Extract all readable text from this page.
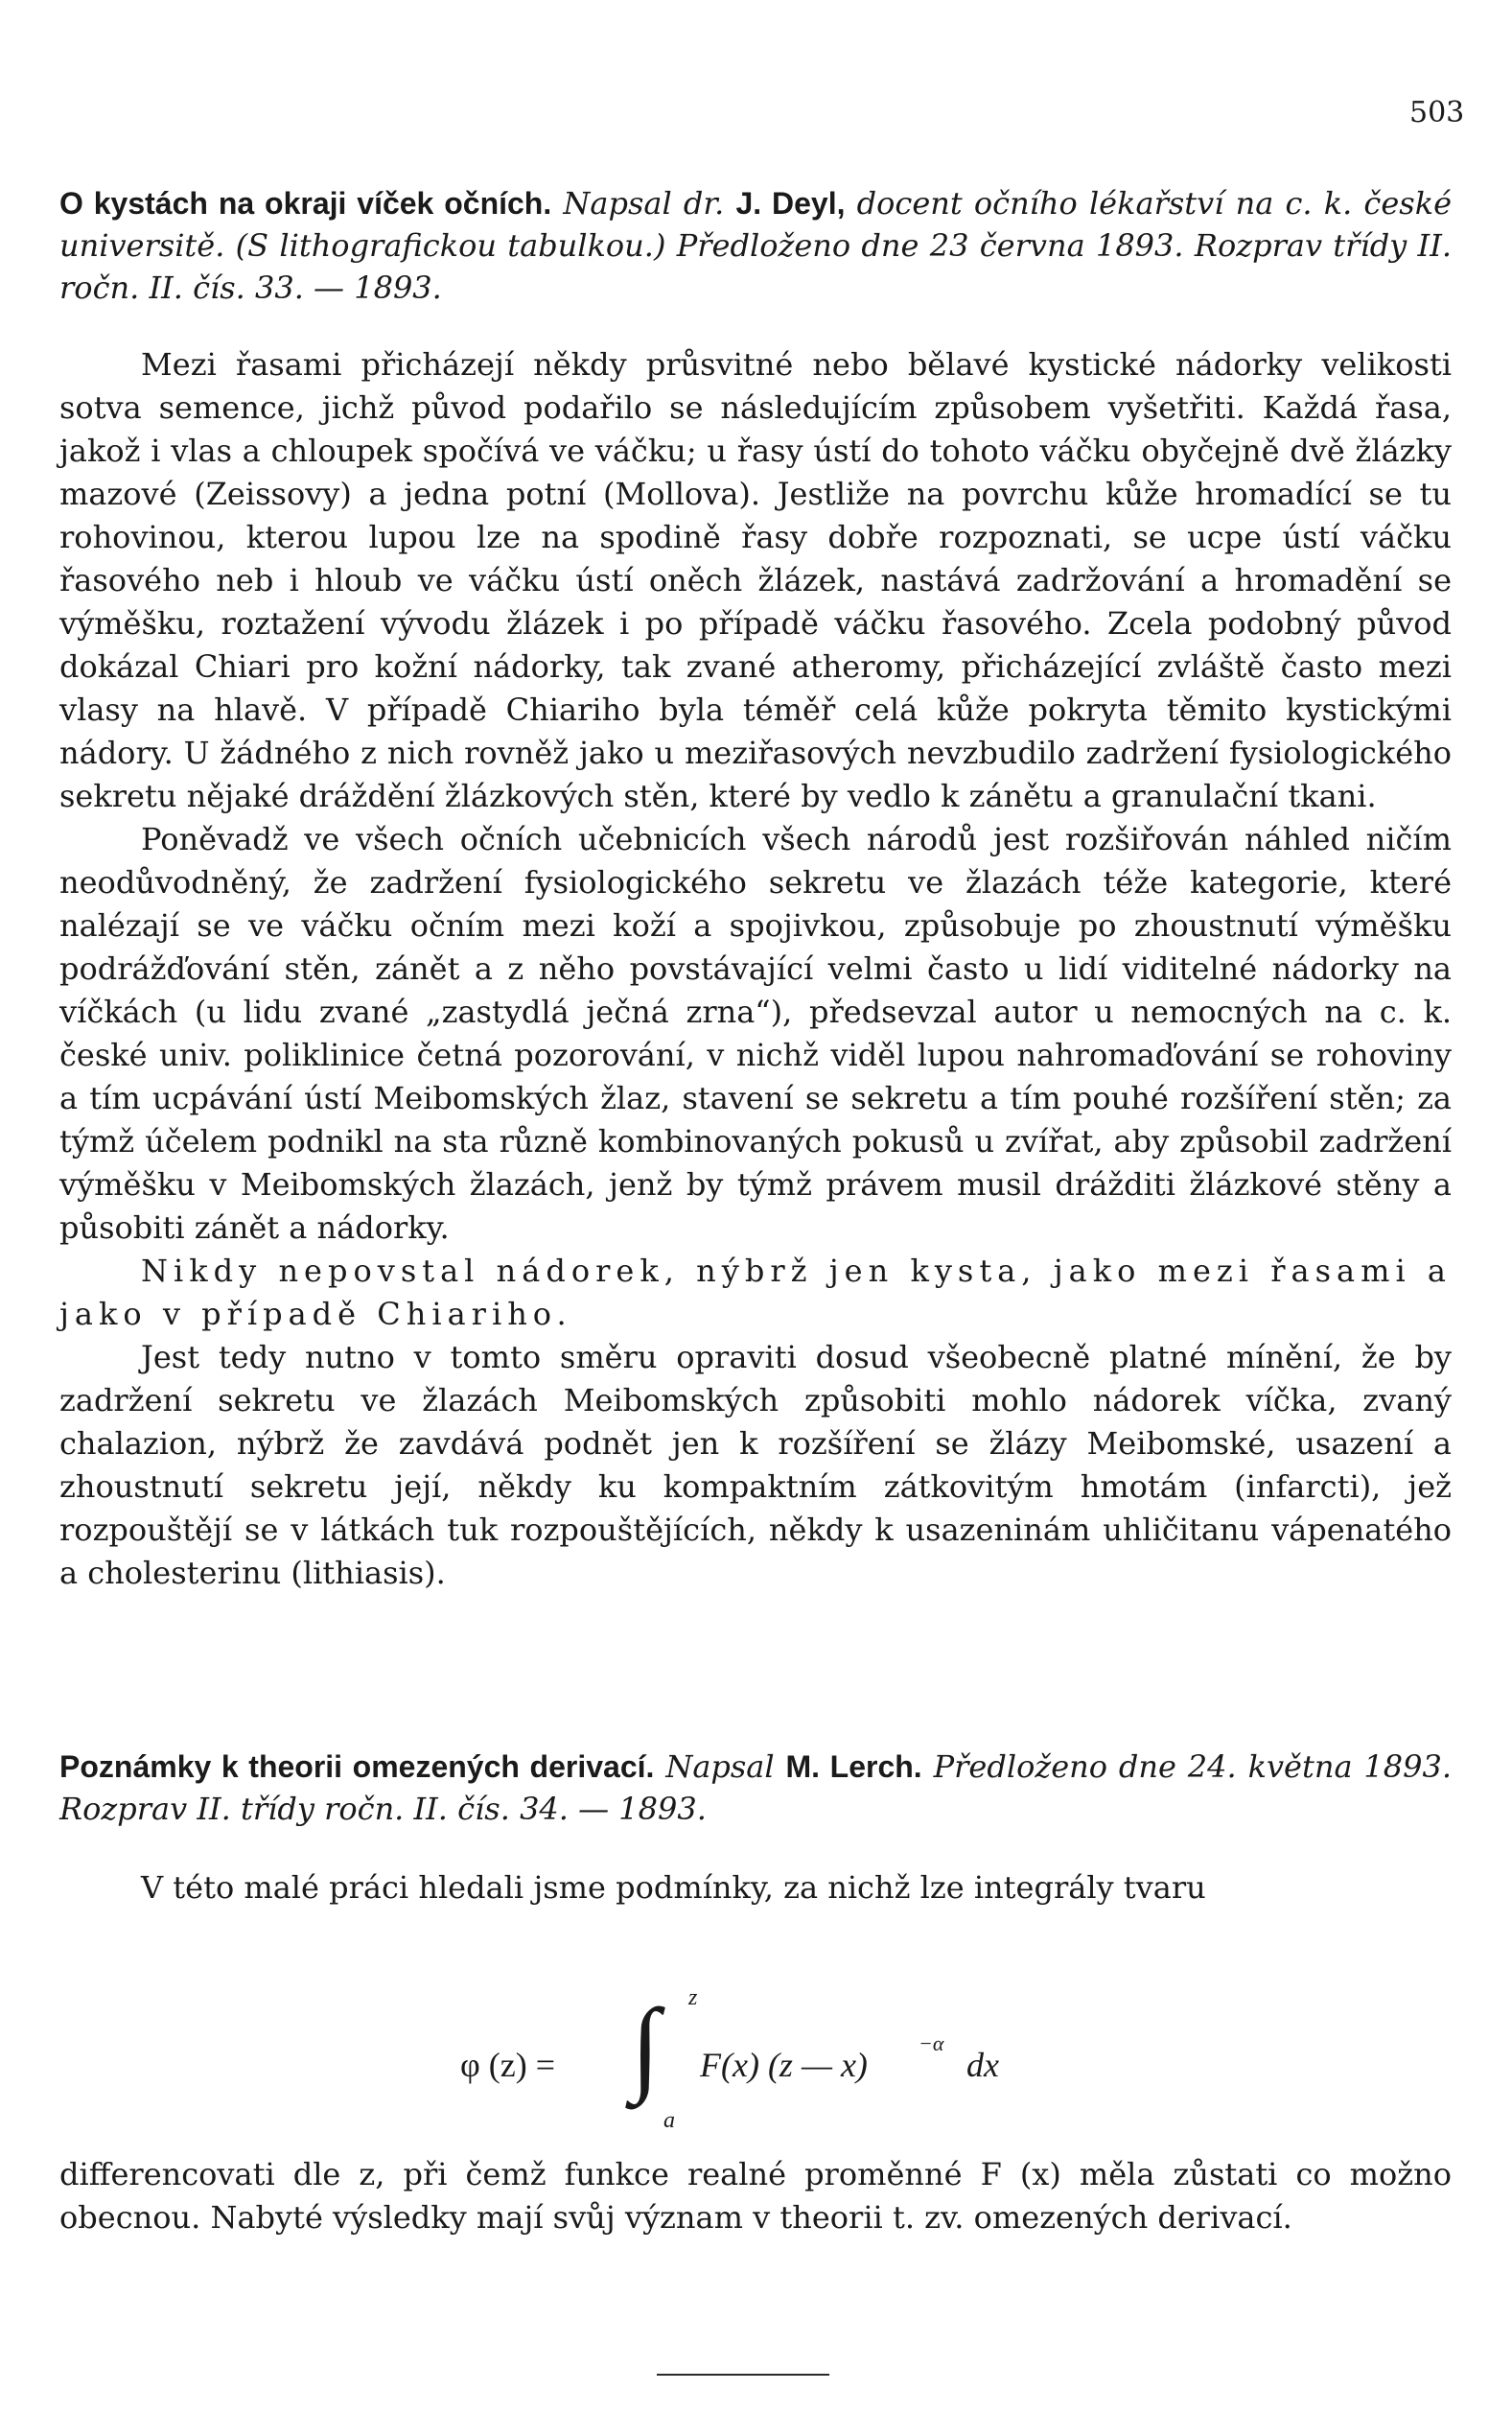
503

O kystách na okraji víček očních. Napsal dr. J. Deyl, docent očního lékařství na c. k. české universitě. (S lithografickou tabulkou.) Předloženo dne 23 června 1893. Rozprav třídy II. ročn. II. čís. 33. — 1893.

Mezi řasami přicházejí někdy průsvitné nebo bělavé kystické nádorky velikosti sotva semence, jichž původ podařilo se následujícím způsobem vyšetřiti. Každá řasa, jakož i vlas a chloupek spočívá ve váčku; u řasy ústí do tohoto váčku obyčejně dvě žlázky mazové (Zeissovy) a jedna potní (Mollova). Jestliže na povrchu kůže hromadící se tu rohovinou, kterou lupou lze na spodině řasy dobře rozpoznati, se ucpe ústí váčku řasového neb i hloub ve váčku ústí oněch žlázek, nastává zadržování a hromadění se výměšku, roztažení vývodu žlázek i po případě váčku řasového. Zcela podobný původ dokázal Chiari pro kožní nádorky, tak zvané atheromy, přicházející zvláště často mezi vlasy na hlavě. V případě Chiariho byla téměř celá kůže pokryta těmito kystickými nádory. U žádného z nich rovněž jako u meziřasových nevzbudilo zadržení fysiologického sekretu nějaké dráždění žlázkových stěn, které by vedlo k zánětu a granulační tkani.

Poněvadž ve všech očních učebnicích všech národů jest rozšiřován náhled ničím neodůvodněný, že zadržení fysiologického sekretu ve žlazách téže kategorie, které nalézají se ve váčku očním mezi koží a spojivkou, způsobuje po zhoustnutí výměšku podrážďování stěn, zánět a z něho povstávající velmi často u lidí viditelné nádorky na víčkách (u lidu zvané „zastydlá ječná zrna“), předsevzal autor u nemocných na c. k. české univ. poliklinice četná pozorování, v nichž viděl lupou nahromaďování se rohoviny a tím ucpávání ústí Meibomských žlaz, stavení se sekretu a tím pouhé rozšíření stěn; za týmž účelem podnikl na sta různě kombinovaných pokusů u zvířat, aby způsobil zadržení výměšku v Meibomských žlazách, jenž by týmž právem musil drážditi žlázkové stěny a působiti zánět a nádorky.

Nikdy nepovstal nádorek, nýbrž jen kysta, jako mezi řasami a jako v případě Chiariho.

Jest tedy nutno v tomto směru opraviti dosud všeobecně platné mínění, že by zadržení sekretu ve žlazách Meibomských způsobiti mohlo nádorek víčka, zvaný chalazion, nýbrž že zavdává podnět jen k rozšíření se žlázy Meibomské, usazení a zhoustnutí sekretu její, někdy ku kompaktním zátkovitým hmotám (infarcti), jež rozpouštějí se v látkách tuk rozpouštějících, někdy k usazeninám uhličitanu vápenatého a cholesterinu (lithiasis).

Poznámky k theorii omezených derivací. Napsal M. Lerch. Předloženo dne 24. května 1893. Rozprav II. třídy ročn. II. čís. 34. — 1893.

V této malé práci hledali jsme podmínky, za nichž lze integrály tvaru

φ (z) = ∫ z
a
F(x) (z — x)
−α
dx

differencovati dle z, při čemž funkce realné proměnné F (x) měla zůstati co možno obecnou. Nabyté výsledky mají svůj význam v theorii t. zv. omezených derivací.
